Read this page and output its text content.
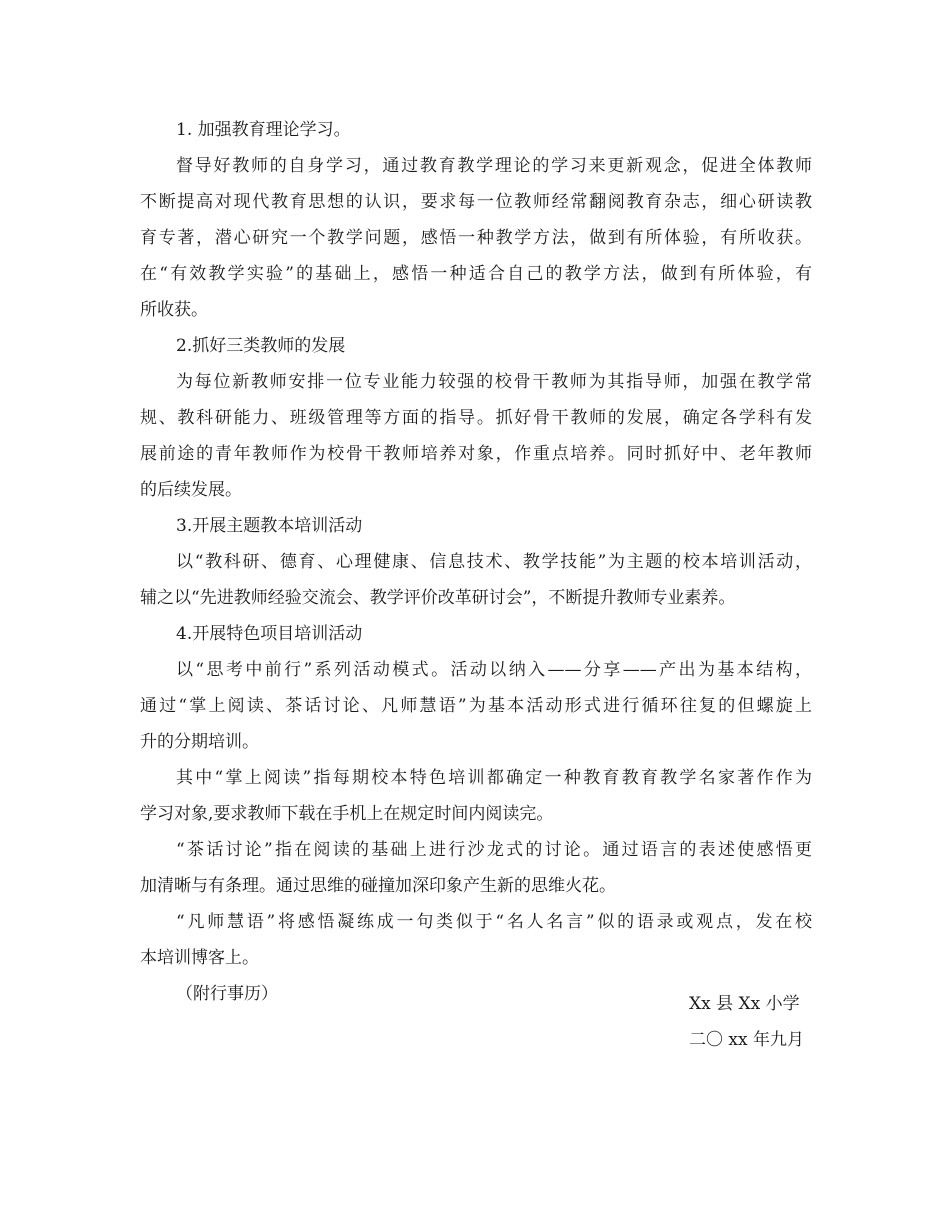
1. 加强教育理论学习。
督导好教师的自身学习，通过教育教学理论的学习来更新观念，促进全体教师
不断提高对现代教育思想的认识，要求每一位教师经常翻阅教育杂志，细心研读教
育专著，潜心研究一个教学问题，感悟一种教学方法，做到有所体验，有所收获。
在“有效教学实验”的基础上，感悟一种适合自己的教学方法，做到有所体验，有
所收获。
2.抓好三类教师的发展
为每位新教师安排一位专业能力较强的校骨干教师为其指导师，加强在教学常
规、教科研能力、班级管理等方面的指导。抓好骨干教师的发展，确定各学科有发
展前途的青年教师作为校骨干教师培养对象，作重点培养。同时抓好中、老年教师
的后续发展。
3.开展主题教本培训活动
以“教科研、德育、心理健康、信息技术、教学技能”为主题的校本培训活动，
辅之以“先进教师经验交流会、教学评价改革研讨会”，不断提升教师专业素养。
4.开展特色项目培训活动
以“思考中前行”系列活动模式。活动以纳入——分享——产出为基本结构，
通过“掌上阅读、茶话讨论、凡师慧语”为基本活动形式进行循环往复的但螺旋上
升的分期培训。
其中“掌上阅读”指每期校本特色培训都确定一种教育教育教学名家著作作为
学习对象,要求教师下载在手机上在规定时间内阅读完。
“茶话讨论”指在阅读的基础上进行沙龙式的讨论。通过语言的表述使感悟更
加清晰与有条理。通过思维的碰撞加深印象产生新的思维火花。
“凡师慧语”将感悟凝练成一句类似于“名人名言”似的语录或观点，发在校
本培训博客上。
（附行事历）	Xx 县 Xx 小学
二〇 xx 年九月
